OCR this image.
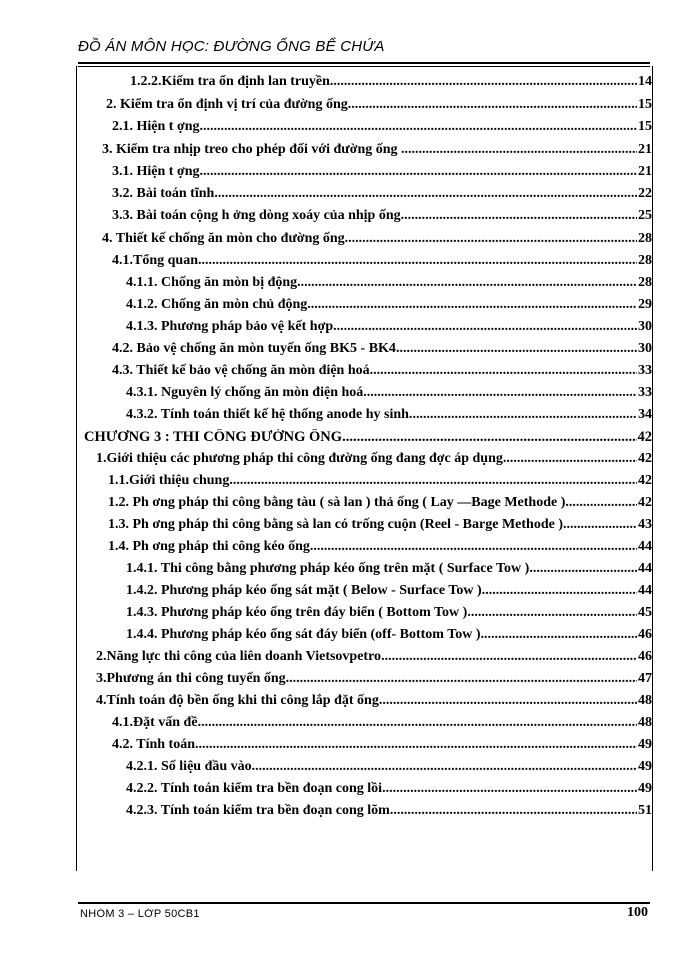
ĐỒ ÁN MÔN HỌC: ĐƯỜNG ỐNG BỂ CHỨA
1.2.2.Kiểm tra ổn định lan truyền .....	14
2. Kiểm tra ổn định vị trí của đường ống .....	15
2.1. Hiện t ợng .....	15
3. Kiểm tra nhịp treo cho phép đối với đường ống . .....	21
3.1. Hiện t ợng .....	21
3.2. Bài toán tĩnh .....	22
3.3. Bài toán cộng h ởng dòng xoáy của nhịp ống .....	25
4. Thiết kế chống ăn mòn cho đường ống .....	28
4.1.Tổng quan .....	28
4.1.1. Chống ăn mòn bị động. .....	28
4.1.2. Chống ăn mòn chủ động. .....	29
4.1.3. Phương pháp bảo vệ kết hợp .....	30
4.2. Bảo vệ chống ăn mòn tuyến ống BK5 - BK4 .....	30
4.3. Thiết kế bảo vệ chống ăn mòn điện hoá .....	33
4.3.1. Nguyên lý chống ăn mòn điện hoá. .....	33
4.3.2. Tính toán thiết kế hệ thống anode hy sinh. .....	34
CHƯƠNG 3 : THI CÔNG ĐƯỜNG ỐNG .....	42
1.Giới thiệu các phương pháp thi công đường ống đang đợc áp dụng .....	42
1.1.Giới thiệu chung .....	42
1.2. Ph ơng pháp thi công bằng tàu ( sà lan ) thả ống ( Lay —Bage Methode ) .....	42
1.3. Ph ơng pháp thi công bằng sà lan có trống cuộn (Reel - Barge Methode ). .....	43
1.4. Ph ơng pháp thi công kéo ống .....	44
1.4.1. Thi công bằng phương pháp kéo ống trên mặt ( Surface Tow ) .....	44
1.4.2. Phương pháp kéo ống sát mặt ( Below - Surface Tow ) .....	44
1.4.3. Phương pháp kéo ống trên đáy biển ( Bottom Tow ) .....	45
1.4.4. Phương pháp kéo ống sát đáy biển (off- Bottom Tow ) .....	46
2.Năng lực thi công của liên doanh Vietsovpetro .....	46
3.Phương án thi công tuyến ống. .....	47
4.Tính toán độ bền ống khi thi công lắp đặt ống .....	48
4.1.Đặt vấn đề .....	48
4.2. Tính toán .....	49
4.2.1. Số liệu đầu vào .....	49
4.2.2. Tính toán kiểm tra bền đoạn cong lồi .....	49
4.2.3. Tính toán kiểm tra bền đoạn cong lõm .....	51
NHÓM 3 – LỚP 50CB1	100
